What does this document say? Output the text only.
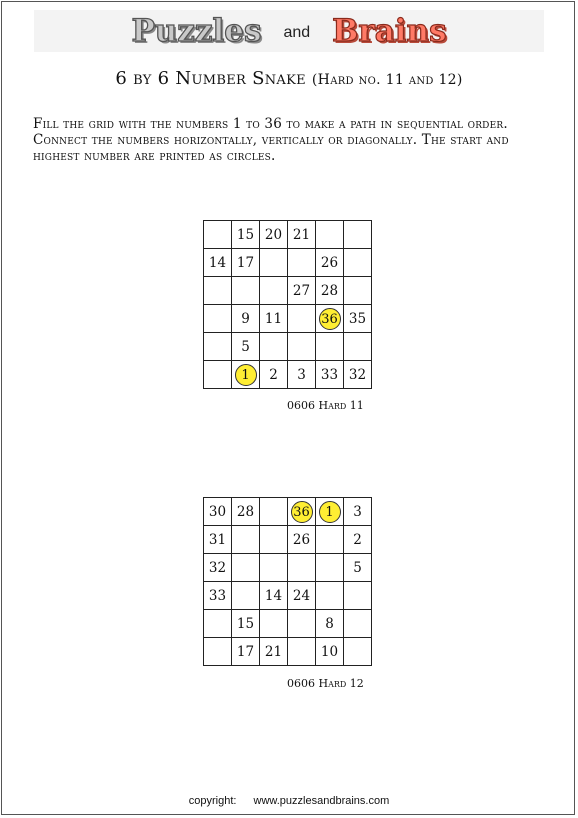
Puzzles and Brains
6 by 6 Number Snake (Hard no. 11 and 12)
Fill the grid with the numbers 1 to 36 to make a path in sequential order. Connect the numbers horizontally, vertically or diagonally. The start and highest number are printed as circles.
	15	20	21		
14	17			26	
			27	28	
	9	11		36	35
	5				
	1	2	3	33	32
0606 Hard 11
30	28		36	1	3
31			26		2
32					5
33		14	24		
	15			8	
	17	21		10	
0606 Hard 12
copyright: www.puzzlesandbrains.com
